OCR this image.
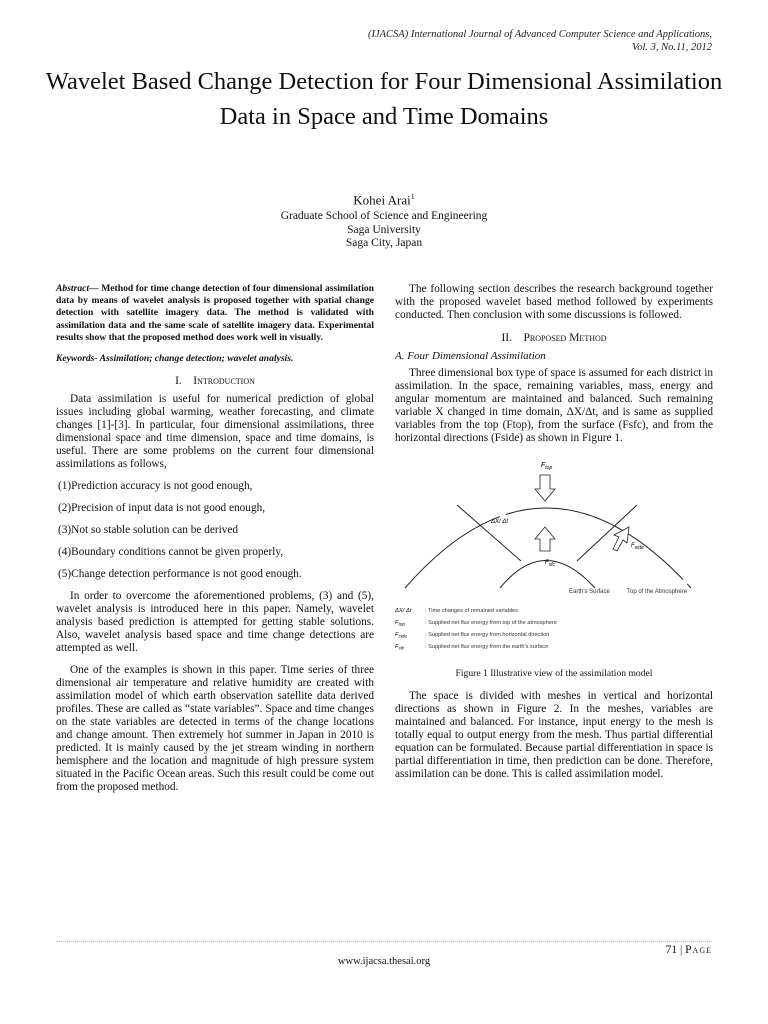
(IJACSA) International Journal of Advanced Computer Science and Applications,
Vol. 3, No.11, 2012
Wavelet Based Change Detection for Four Dimensional Assimilation Data in Space and Time Domains
Kohei Arai$^1$
Graduate School of Science and Engineering
Saga University
Saga City, Japan

Abstract— Method for time change detection of four dimensional assimilation data by means of wavelet analysis is proposed together with spatial change detection with satellite imagery data. The method is validated with assimilation data and the same scale of satellite imagery data. Experimental results show that the proposed method does work well in visually.

Keywords- Assimilation; change detection; wavelet analysis.

I. Introduction

Data assimilation is useful for numerical prediction of global issues including global warming, weather forecasting, and climate changes [1]-[3]. In particular, four dimensional assimilations, three dimensional space and time dimension, space and time domains, is useful. There are some problems on the current four dimensional assimilations as follows,

(1)Prediction accuracy is not good enough,

(2)Precision of input data is not good enough,

(3)Not so stable solution can be derived

(4)Boundary conditions cannot be given properly,

(5)Change detection performance is not good enough.

In order to overcome the aforementioned problems, (3) and (5), wavelet analysis is introduced here in this paper. Namely, wavelet analysis based prediction is attempted for getting stable solutions. Also, wavelet analysis based space and time change detections are attempted as well.

One of the examples is shown in this paper. Time series of three dimensional air temperature and relative humidity are created with assimilation model of which earth observation satellite data derived profiles. These are called as “state variables”. Space and time changes on the state variables are detected in terms of the change locations and change amount. Then extremely hot summer in Japan in 2010 is predicted. It is mainly caused by the jet stream winding in northern hemisphere and the location and magnitude of high pressure system situated in the Pacific Ocean areas. Such this result could be come out from the proposed method.

The following section describes the research background together with the proposed wavelet based method followed by experiments conducted. Then conclusion with some discussions is followed.

II. Proposed Method
A. Four Dimensional Assimilation

Three dimensional box type of space is assumed for each district in assimilation. In the space, remaining variables, mass, energy and angular momentum are maintained and balanced. Such remaining variable X changed in time domain, ΔX/Δt, and is same as supplied variables from the top (Ftop), from the surface (Fsfc), and from the horizontal directions (Fside) as shown in Figure 1.

$F_{top}$
ΔX/ Δt
$F_{side}$
$F_{sfc}$
Earth's Surface	Top of the Atmosphere
ΔX/ Δt : Time changes of remained variables
$F_{top}$	: Supplied net flux energy from top of the atmosphere
$F_{side}$	: Supplied net flux energy from horizontal direction
$F_{sfc}$	: Supplied net flux energy from the earth's surface
Figure 1 Illustrative view of the assimilation model

The space is divided with meshes in vertical and horizontal directions as shown in Figure 2. In the meshes, variables are maintained and balanced. For instance, input energy to the mesh is totally equal to output energy from the mesh. Thus partial differential equation can be formulated. Because partial differentiation in space is partial differentiation in time, then prediction can be done. Therefore, assimilation can be done. This is called assimilation model.

71 | Page
www.ijacsa.thesai.org
